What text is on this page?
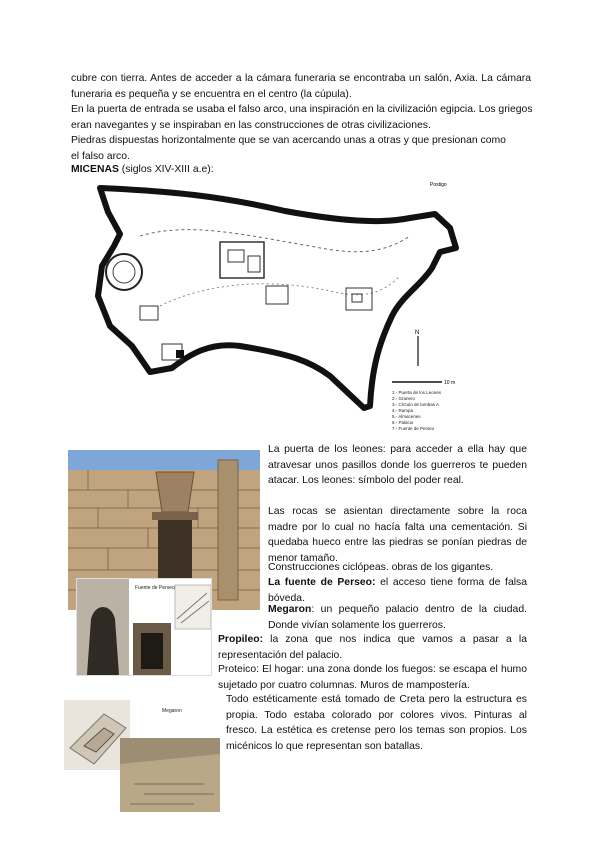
cubre con tierra. Antes de acceder a la cámara funeraria se encontraba un salón, Axia. La cámara funeraria es pequeña y se encuentra en el centro (la cúpula).

En la puerta de entrada se usaba el falso arco, una inspiración en la civilización egipcia. Los griegos eran navegantes y se inspiraban en las construcciones de otras civilizaciones.

Piedras dispuestas horizontalmente que se van acercando unas a otras y que presionan como el falso arco.

MICENAS (siglos XIV-XIII a.e):

N
10 m
Postigo
1.- Puerta de los Leones
2.- Granero
3.- Círculo de tumbas A
4.- Rampa
5.- Almacenes
6.- Palacio
7.- Fuente de Perseo
Fuente de Perseo
Megaron

La puerta de los leones: para acceder a ella hay que atravesar unos pasillos donde los guerreros te pueden atacar. Los leones: símbolo del poder real.

Las rocas se asientan directamente sobre la roca madre por lo cual no hacía falta una cementación. Si quedaba hueco entre las piedras se ponían piedras de menor tamaño.

Construcciones ciclópeas. obras de los gigantes.

La fuente de Perseo: el acceso tiene forma de falsa bóveda.

Megaron: un pequeño palacio dentro de la ciudad. Donde vivían solamente los guerreros.

Propileo: la zona que nos indica que vamos a pasar a la representación del palacio.

Proteico: El hogar: una zona donde los fuegos: se escapa el humo sujetado por cuatro columnas. Muros de mampostería.

Todo estéticamente está tomado de Creta pero la estructura es propia. Todo estaba colorado por colores vivos. Pinturas al fresco. La estética es cretense pero los temas son propios. Los micénicos lo que representan son batallas.
